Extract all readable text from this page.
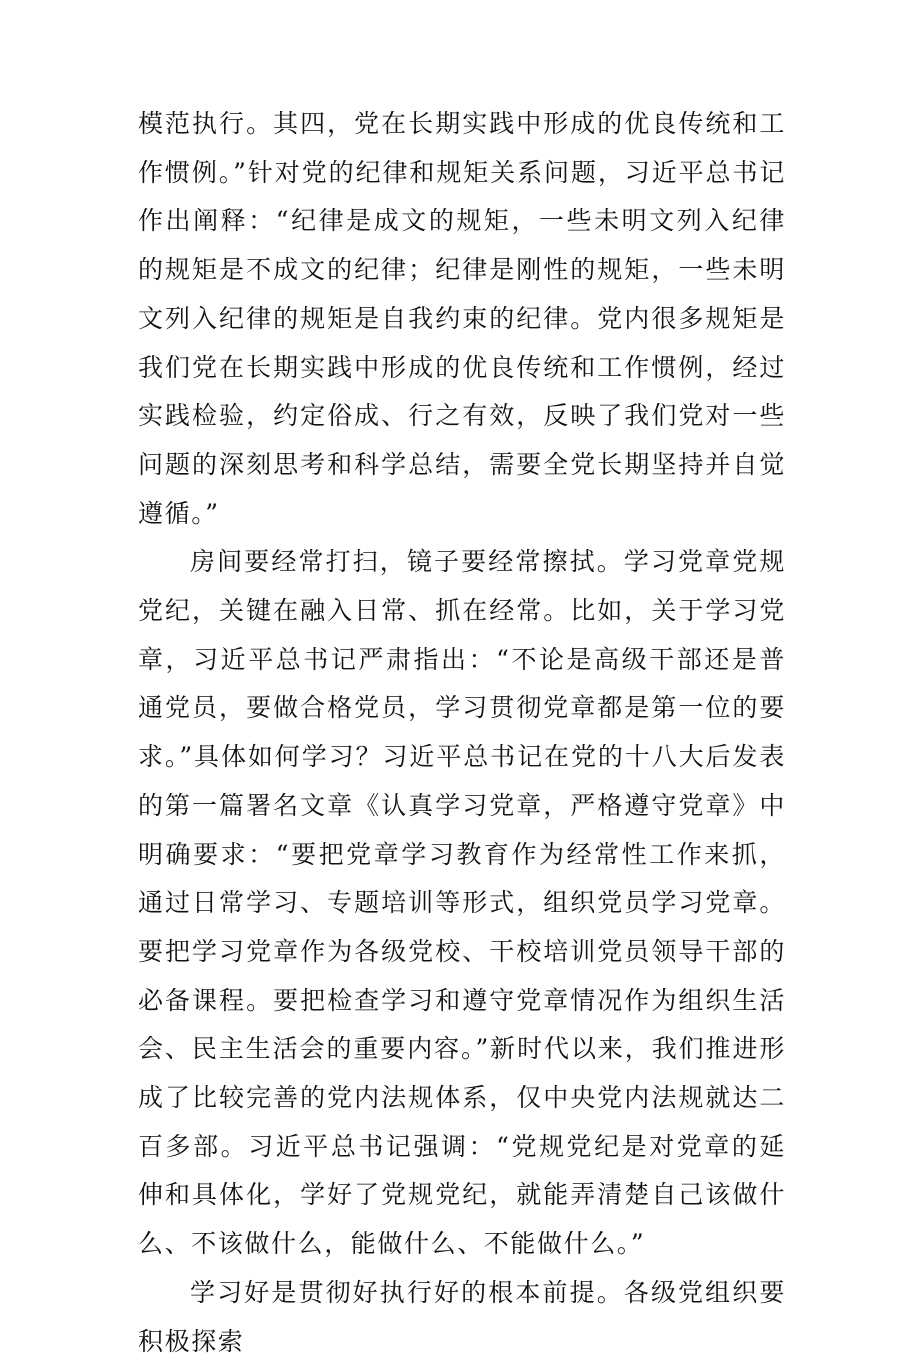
模范执行。其四，党在长期实践中形成的优良传统和工作惯例。”针对党的纪律和规矩关系问题，习近平总书记作出阐释：“纪律是成文的规矩，一些未明文列入纪律的规矩是不成文的纪律；纪律是刚性的规矩，一些未明文列入纪律的规矩是自我约束的纪律。党内很多规矩是我们党在长期实践中形成的优良传统和工作惯例，经过实践检验，约定俗成、行之有效，反映了我们党对一些问题的深刻思考和科学总结，需要全党长期坚持并自觉遵循。”

房间要经常打扫，镜子要经常擦拭。学习党章党规党纪，关键在融入日常、抓在经常。比如，关于学习党章，习近平总书记严肃指出：“不论是高级干部还是普通党员，要做合格党员，学习贯彻党章都是第一位的要求。”具体如何学习？习近平总书记在党的十八大后发表的第一篇署名文章《认真学习党章，严格遵守党章》中明确要求：“要把党章学习教育作为经常性工作来抓，通过日常学习、专题培训等形式，组织党员学习党章。要把学习党章作为各级党校、干校培训党员领导干部的必备课程。要把检查学习和遵守党章情况作为组织生活会、民主生活会的重要内容。”新时代以来，我们推进形成了比较完善的党内法规体系，仅中央党内法规就达二百多部。习近平总书记强调：“党规党纪是对党章的延伸和具体化，学好了党规党纪，就能弄清楚自己该做什么、不该做什么，能做什么、不能做什么。”

学习好是贯彻好执行好的根本前提。各级党组织要积极探索
